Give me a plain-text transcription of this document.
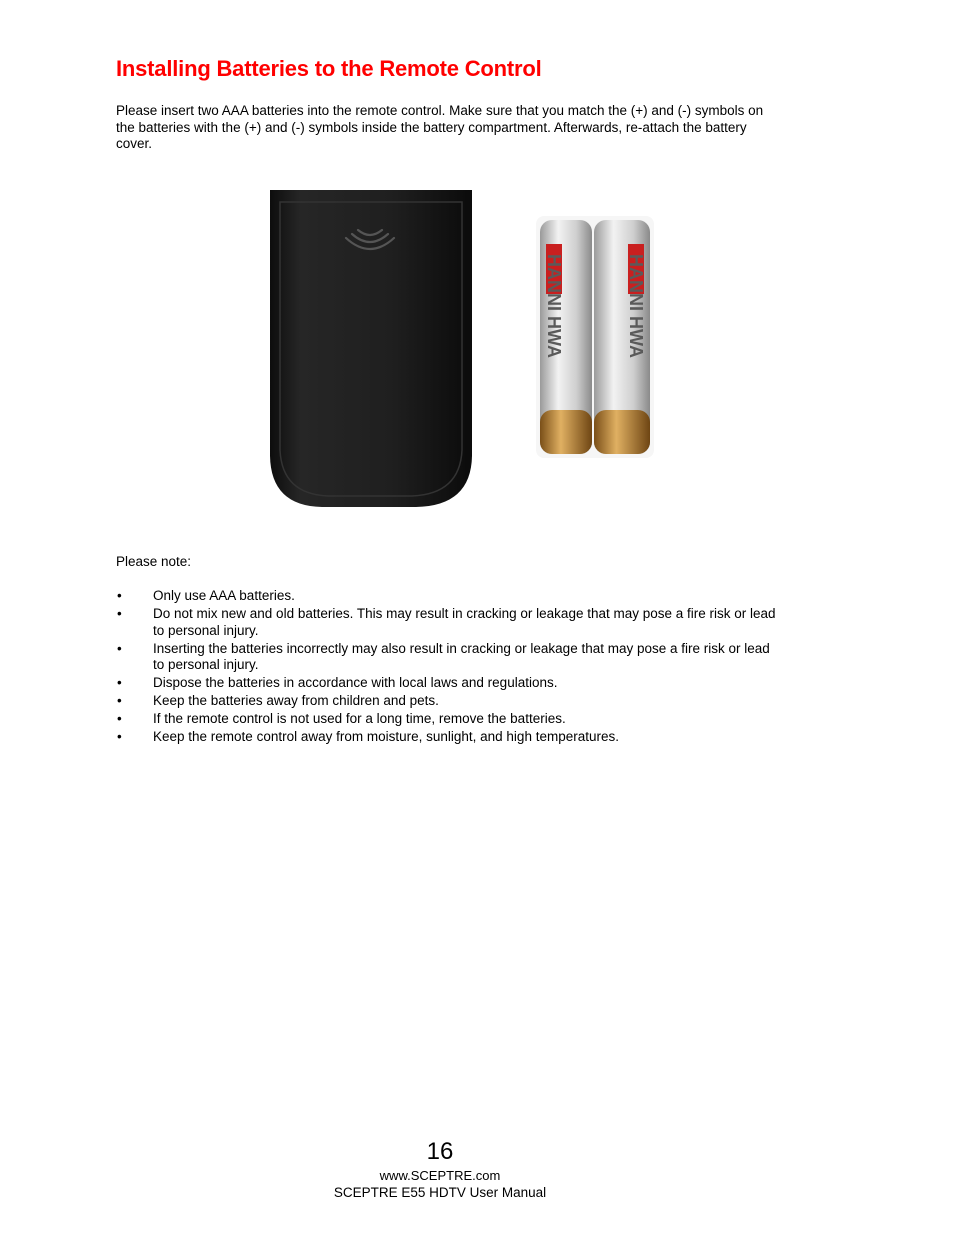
Installing Batteries to the Remote Control

Please insert two AAA batteries into the remote control. Make sure that you match the (+) and (-) symbols on the batteries with the (+) and (-) symbols inside the battery compartment. Afterwards, re-attach the battery cover.

HANNI HWA	HANNI HWA

Please note:

• Only use AAA batteries.
• Do not mix new and old batteries. This may result in cracking or leakage that may pose a fire risk or lead to personal injury.
• Inserting the batteries incorrectly may also result in cracking or leakage that may pose a fire risk or lead to personal injury.
• Dispose the batteries in accordance with local laws and regulations.
• Keep the batteries away from children and pets.
• If the remote control is not used for a long time, remove the batteries.
• Keep the remote control away from moisture, sunlight, and high temperatures.
16
www.SCEPTRE.com
SCEPTRE E55 HDTV User Manual
